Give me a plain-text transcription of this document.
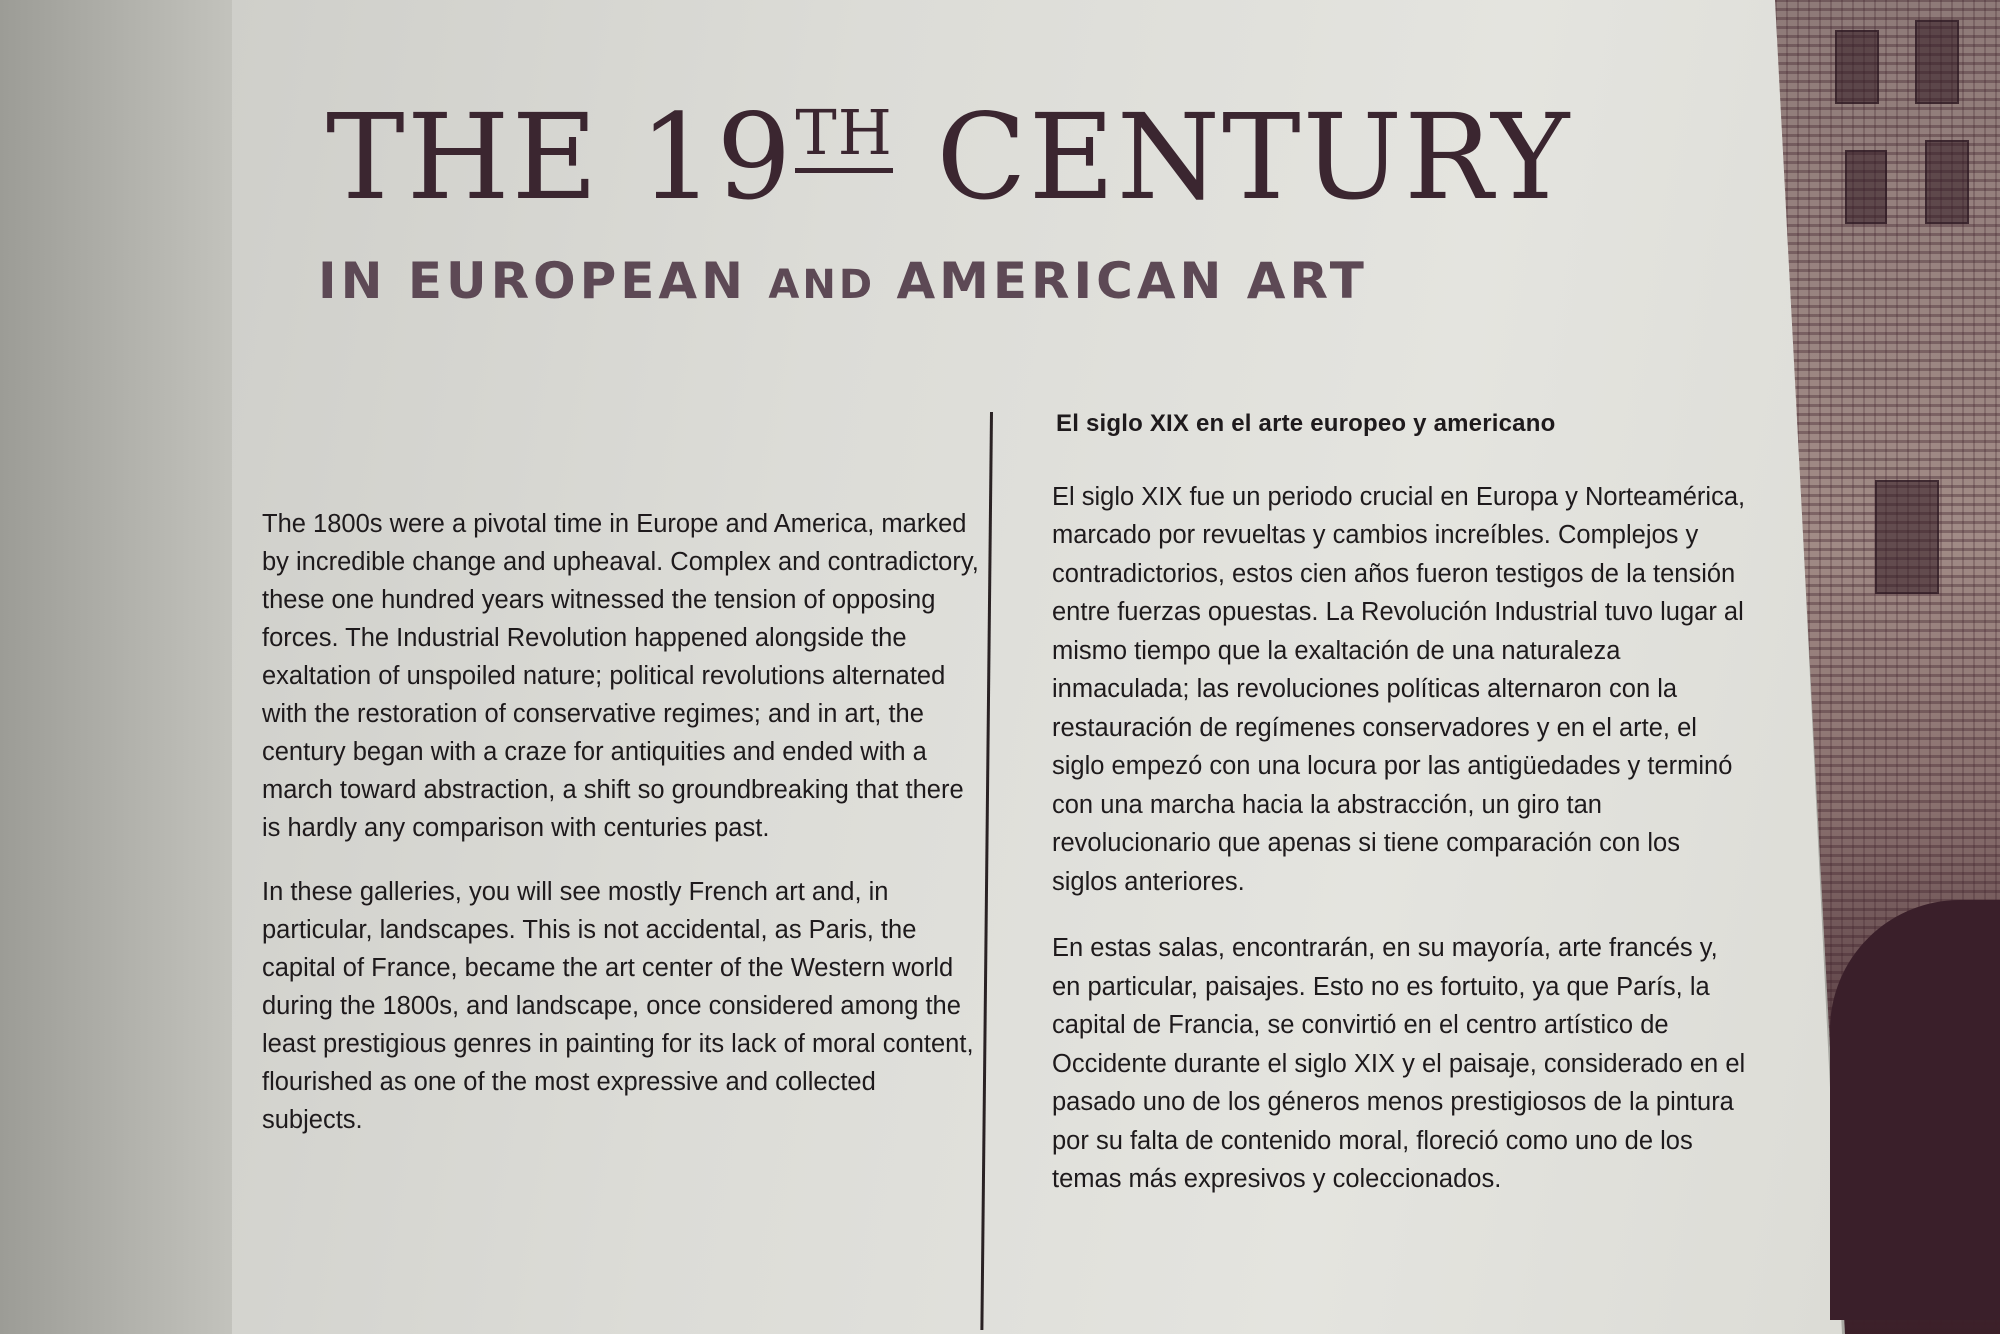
THE 19TH CENTURY
IN EUROPEAN AND AMERICAN ART

The 1800s were a pivotal time in Europe and America, marked by incredible change and upheaval. Complex and contradictory, these one hundred years witnessed the tension of opposing forces. The Industrial Revolution happened alongside the exaltation of unspoiled nature; political revolutions alternated with the restoration of conservative regimes; and in art, the century began with a craze for antiquities and ended with a march toward abstraction, a shift so groundbreaking that there is hardly any comparison with centuries past.

In these galleries, you will see mostly French art and, in particular, landscapes. This is not accidental, as Paris, the capital of France, became the art center of the Western world during the 1800s, and landscape, once considered among the least prestigious genres in painting for its lack of moral content, flourished as one of the most expressive and collected subjects.

El siglo XIX en el arte europeo y americano

El siglo XIX fue un periodo crucial en Europa y Norteamérica, marcado por revueltas y cambios increíbles. Complejos y contradictorios, estos cien años fueron testigos de la tensión entre fuerzas opuestas. La Revolución Industrial tuvo lugar al mismo tiempo que la exaltación de una naturaleza inmaculada; las revoluciones políticas alternaron con la restauración de regímenes conservadores y en el arte, el siglo empezó con una locura por las antigüedades y terminó con una marcha hacia la abstracción, un giro tan revolucionario que apenas si tiene comparación con los siglos anteriores.

En estas salas, encontrarán, en su mayoría, arte francés y, en particular, paisajes. Esto no es fortuito, ya que París, la capital de Francia, se convirtió en el centro artístico de Occidente durante el siglo XIX y el paisaje, considerado en el pasado uno de los géneros menos prestigiosos de la pintura por su falta de contenido moral, floreció como uno de los temas más expresivos y coleccionados.
